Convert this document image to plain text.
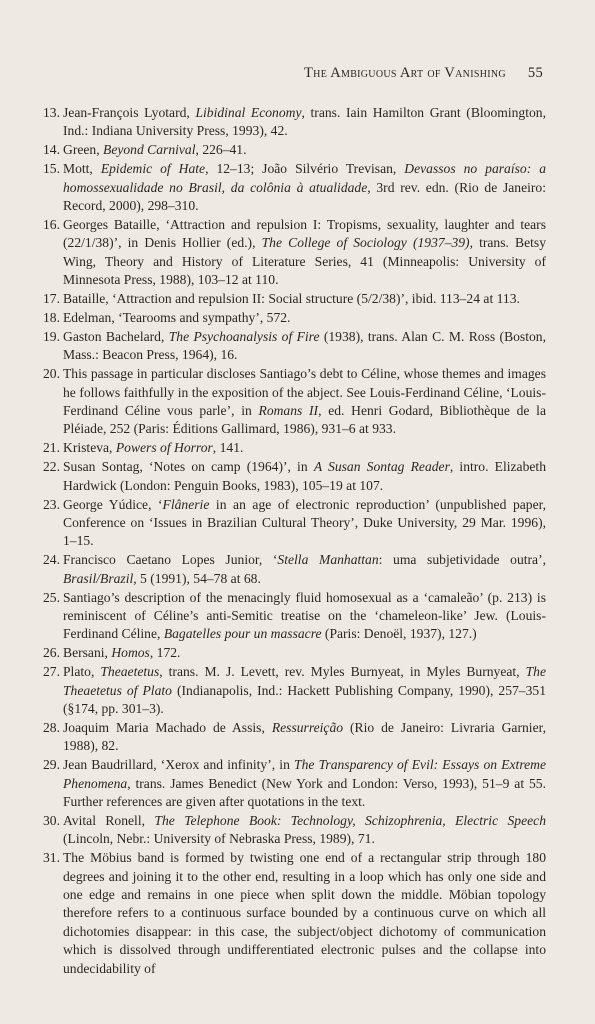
The Ambiguous Art of Vanishing 55
13. Jean-François Lyotard, Libidinal Economy, trans. Iain Hamilton Grant (Bloomington, Ind.: Indiana University Press, 1993), 42.
14. Green, Beyond Carnival, 226–41.
15. Mott, Epidemic of Hate, 12–13; João Silvério Trevisan, Devassos no paraíso: a homossexualidade no Brasil, da colônia à atualidade, 3rd rev. edn. (Rio de Janeiro: Record, 2000), 298–310.
16. Georges Bataille, ‘Attraction and repulsion I: Tropisms, sexuality, laughter and tears (22/1/38)’, in Denis Hollier (ed.), The College of Sociology (1937–39), trans. Betsy Wing, Theory and History of Literature Series, 41 (Minneapolis: University of Minnesota Press, 1988), 103–12 at 110.
17. Bataille, ‘Attraction and repulsion II: Social structure (5/2/38)’, ibid. 113–24 at 113.
18. Edelman, ‘Tearooms and sympathy’, 572.
19. Gaston Bachelard, The Psychoanalysis of Fire (1938), trans. Alan C. M. Ross (Boston, Mass.: Beacon Press, 1964), 16.
20. This passage in particular discloses Santiago’s debt to Céline, whose themes and images he follows faithfully in the exposition of the abject. See Louis-Ferdinand Céline, ‘Louis-Ferdinand Céline vous parle’, in Romans II, ed. Henri Godard, Bibliothèque de la Pléiade, 252 (Paris: Éditions Gallimard, 1986), 931–6 at 933.
21. Kristeva, Powers of Horror, 141.
22. Susan Sontag, ‘Notes on camp (1964)’, in A Susan Sontag Reader, intro. Elizabeth Hardwick (London: Penguin Books, 1983), 105–19 at 107.
23. George Yúdice, ‘Flânerie in an age of electronic reproduction’ (unpublished paper, Conference on ‘Issues in Brazilian Cultural Theory’, Duke University, 29 Mar. 1996), 1–15.
24. Francisco Caetano Lopes Junior, ‘Stella Manhattan: uma subjetividade outra’, Brasil/Brazil, 5 (1991), 54–78 at 68.
25. Santiago’s description of the menacingly fluid homosexual as a ‘camaleão’ (p. 213) is reminiscent of Céline’s anti-Semitic treatise on the ‘chameleon-like’ Jew. (Louis-Ferdinand Céline, Bagatelles pour un massacre (Paris: Denoël, 1937), 127.)
26. Bersani, Homos, 172.
27. Plato, Theaetetus, trans. M. J. Levett, rev. Myles Burnyeat, in Myles Burnyeat, The Theaetetus of Plato (Indianapolis, Ind.: Hackett Publishing Company, 1990), 257–351 (§174, pp. 301–3).
28. Joaquim Maria Machado de Assis, Ressurreição (Rio de Janeiro: Livraria Garnier, 1988), 82.
29. Jean Baudrillard, ‘Xerox and infinity’, in The Transparency of Evil: Essays on Extreme Phenomena, trans. James Benedict (New York and London: Verso, 1993), 51–9 at 55. Further references are given after quotations in the text.
30. Avital Ronell, The Telephone Book: Technology, Schizophrenia, Electric Speech (Lincoln, Nebr.: University of Nebraska Press, 1989), 71.
31. The Möbius band is formed by twisting one end of a rectangular strip through 180 degrees and joining it to the other end, resulting in a loop which has only one side and one edge and remains in one piece when split down the middle. Möbian topology therefore refers to a continuous surface bounded by a continuous curve on which all dichotomies disappear: in this case, the subject/object dichotomy of communication which is dissolved through undifferentiated electronic pulses and the collapse into undecidability of
